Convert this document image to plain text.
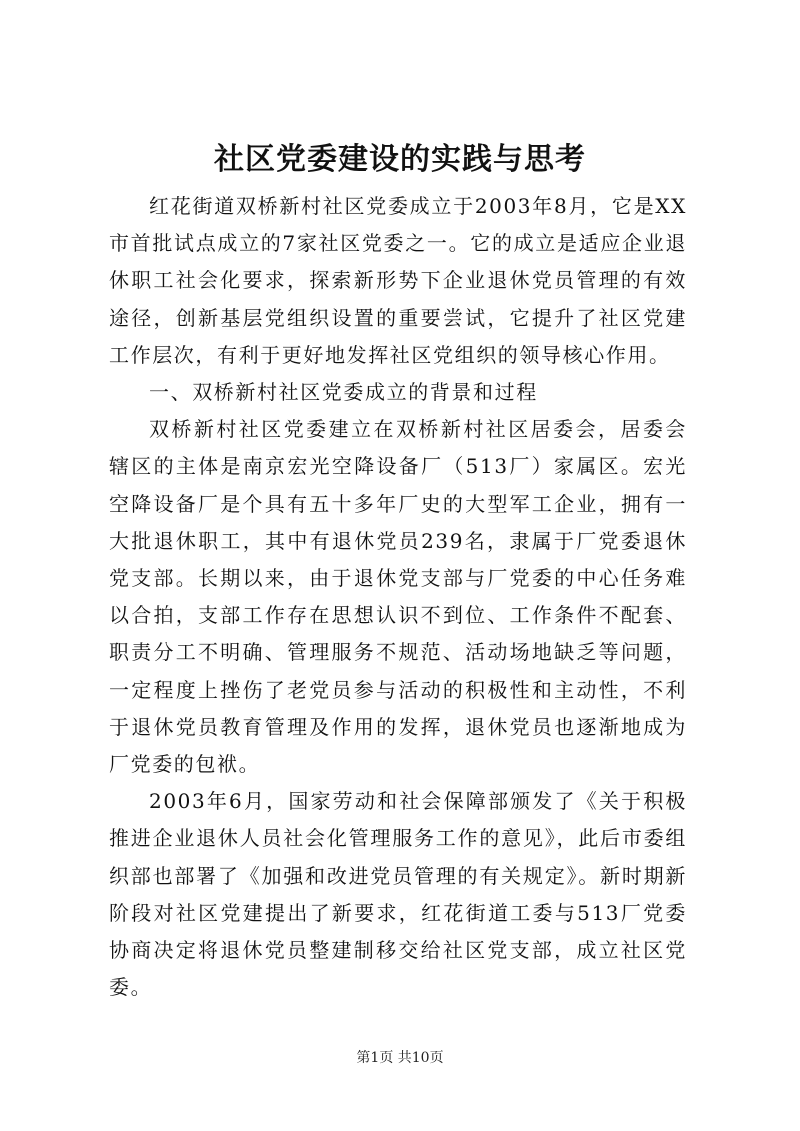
社区党委建设的实践与思考

红花街道双桥新村社区党委成立于2003年8月，它是XX市首批试点成立的7家社区党委之一。它的成立是适应企业退休职工社会化要求，探索新形势下企业退休党员管理的有效途径，创新基层党组织设置的重要尝试，它提升了社区党建工作层次，有利于更好地发挥社区党组织的领导核心作用。

一、双桥新村社区党委成立的背景和过程

双桥新村社区党委建立在双桥新村社区居委会，居委会辖区的主体是南京宏光空降设备厂（513厂）家属区。宏光空降设备厂是个具有五十多年厂史的大型军工企业，拥有一大批退休职工，其中有退休党员239名，隶属于厂党委退休党支部。长期以来，由于退休党支部与厂党委的中心任务难以合拍，支部工作存在思想认识不到位、工作条件不配套、职责分工不明确、管理服务不规范、活动场地缺乏等问题，一定程度上挫伤了老党员参与活动的积极性和主动性，不利于退休党员教育管理及作用的发挥，退休党员也逐渐地成为厂党委的包袱。

2003年6月，国家劳动和社会保障部颁发了《关于积极推进企业退休人员社会化管理服务工作的意见》，此后市委组织部也部署了《加强和改进党员管理的有关规定》。新时期新阶段对社区党建提出了新要求，红花街道工委与513厂党委协商决定将退休党员整建制移交给社区党支部，成立社区党委。

第1页 共10页
